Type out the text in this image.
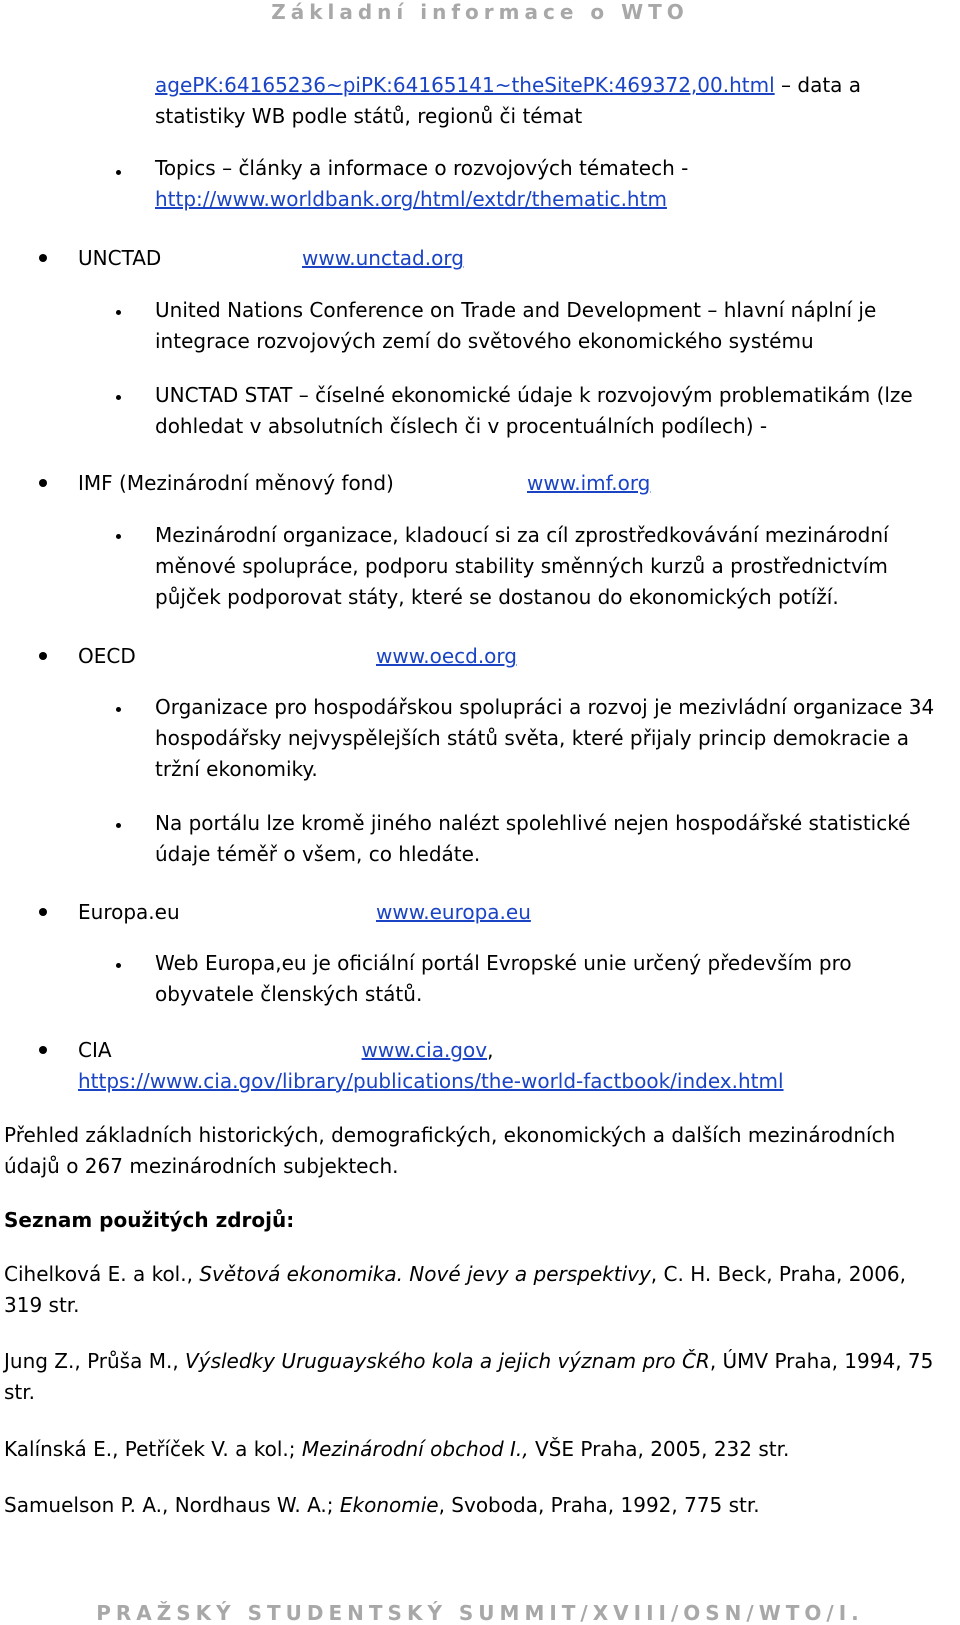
Základní informace o WTO
agePK:64165236~piPK:64165141~theSitePK:469372,00.html – data a
statistiky WB podle států, regionů či témat
Topics – články a informace o rozvojových tématech -
http://www.worldbank.org/html/extdr/thematic.htm
UNCTAD	www.unctad.org
United Nations Conference on Trade and Development – hlavní náplní je
integrace rozvojových zemí do světového ekonomického systému
UNCTAD STAT – číselné ekonomické údaje k rozvojovým problematikám (lze
dohledat v absolutních číslech či v procentuálních podílech) -
IMF (Mezinárodní měnový fond)	www.imf.org
Mezinárodní organizace, kladoucí si za cíl zprostředkovávání mezinárodní
měnové spolupráce, podporu stability směnných kurzů a prostřednictvím
půjček podporovat státy, které se dostanou do ekonomických potíží.
OECD	www.oecd.org
Organizace pro hospodářskou spolupráci a rozvoj je mezivládní organizace 34
hospodářsky nejvyspělejších států světa, které přijaly princip demokracie a
tržní ekonomiky.
Na portálu lze kromě jiného nalézt spolehlivé nejen hospodářské statistické
údaje téměř o všem, co hledáte.
Europa.eu	www.europa.eu
Web Europa,eu je oficiální portál Evropské unie určený především pro
obyvatele členských států.
CIA	www.cia.gov,
https://www.cia.gov/library/publications/the-world-factbook/index.html
Přehled základních historických, demografických, ekonomických a dalších mezinárodních
údajů o 267 mezinárodních subjektech.
Seznam použitých zdrojů:
Cihelková E. a kol., Světová ekonomika. Nové jevy a perspektivy, C. H. Beck, Praha, 2006,
319 str.
Jung Z., Průša M., Výsledky Uruguayského kola a jejich význam pro ČR, ÚMV Praha, 1994, 75
str.
Kalínská E., Petříček V. a kol.; Mezinárodní obchod I., VŠE Praha, 2005, 232 str.
Samuelson P. A., Nordhaus W. A.; Ekonomie, Svoboda, Praha, 1992, 775 str.
PRAŽSKÝ STUDENTSKÝ SUMMIT/XVIII/OSN/WTO/I.
